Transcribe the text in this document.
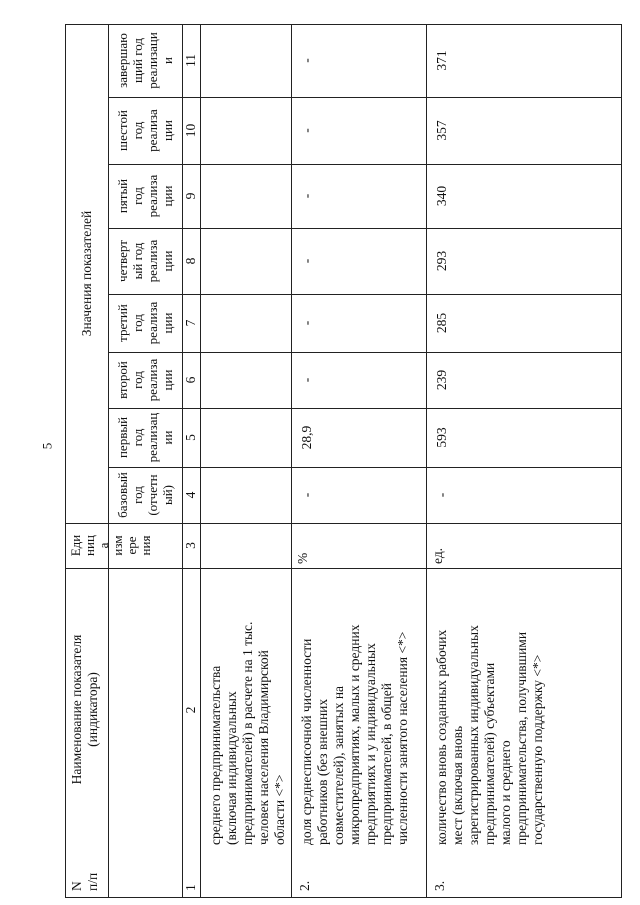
5
N
п/п
Наименование показателя
(индикатора)
Еди
ниц
а
изм
ере
ния
Значения показателей
базовый
год
(отчетн
ый)
первый
год
реализац
ии
второй
год
реализа
ции
третий
год
реализа
ции
четверт
ый год
реализа
ции
пятый
год
реализа
ции
шестой
год
реализа
ции
завершаю
щий год
реализаци
и
1
3
4
5
6
7
8
9
10
11
2
среднего предпринимательства
(включая индивидуальных
предпринимателей) в расчете на 1 тыс.
человек населения Владимирской
области <*>
2.
доля среднесписочной численности
работников (без внешних
совместителей), занятых на
микропредприятиях, малых и средних
предприятиях и у индивидуальных
предпринимателей, в общей
численности занятого населения <*>
%
-
28,9
-
-
-
-
-
-
3.
количество вновь созданных рабочих
мест (включая вновь
зарегистрированных индивидуальных
предпринимателей) субъектами
малого и среднего
предпринимательства, получившими
государственную поддержку <*>
ед.
-
593
239
285
293
340
357
371
